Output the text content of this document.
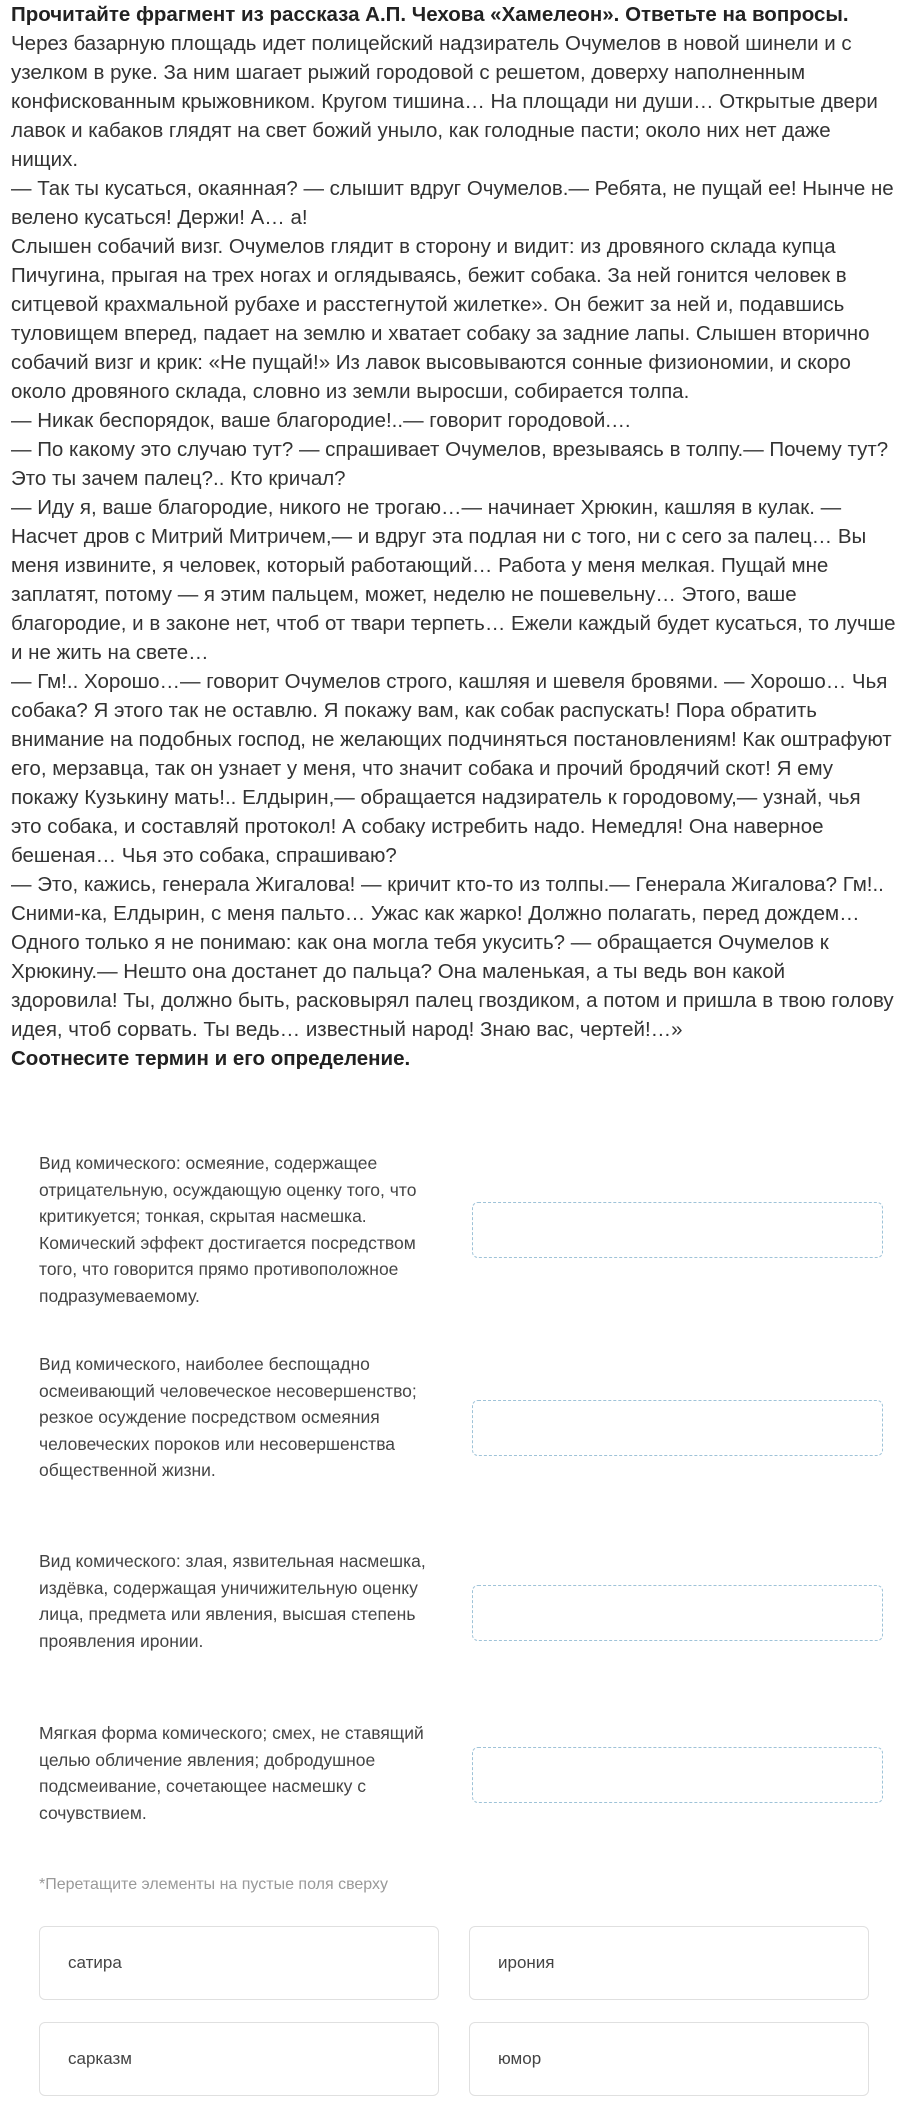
Прочитайте фрагмент из рассказа А.П. Чехова «Хамелеон». Ответьте на вопросы.

Через базарную площадь идет полицейский надзиратель Очумелов в новой шинели и с узелком в руке. За ним шагает рыжий городовой с решетом, доверху наполненным конфискованным крыжовником. Кругом тишина… На площади ни души… Открытые двери лавок и кабаков глядят на свет божий уныло, как голодные пасти; около них нет даже нищих.

— Так ты кусаться, окаянная? — слышит вдруг Очумелов.— Ребята, не пущай ее! Нынче не велено кусаться! Держи! А… а!

Слышен собачий визг. Очумелов глядит в сторону и видит: из дровяного склада купца Пичугина, прыгая на трех ногах и оглядываясь, бежит собака. За ней гонится человек в ситцевой крахмальной рубахе и расстегнутой жилетке». Он бежит за ней и, подавшись туловищем вперед, падает на землю и хватает собаку за задние лапы. Слышен вторично собачий визг и крик: «Не пущай!» Из лавок высовываются сонные физиономии, и скоро около дровяного склада, словно из земли выросши, собирается толпа.

— Никак беспорядок, ваше благородие!..— говорит городовой.…

— По какому это случаю тут? — спрашивает Очумелов, врезываясь в толпу.— Почему тут? Это ты зачем палец?.. Кто кричал?

— Иду я, ваше благородие, никого не трогаю…— начинает Хрюкин, кашляя в кулак. — Насчет дров с Митрий Митричем,— и вдруг эта подлая ни с того, ни с сего за палец… Вы меня извините, я человек, который работающий… Работа у меня мелкая. Пущай мне заплатят, потому — я этим пальцем, может, неделю не пошевельну… Этого, ваше благородие, и в законе нет, чтоб от твари терпеть… Ежели каждый будет кусаться, то лучше и не жить на свете…

— Гм!.. Хорошо…— говорит Очумелов строго, кашляя и шевеля бровями. — Хорошо… Чья собака? Я этого так не оставлю. Я покажу вам, как собак распускать! Пора обратить внимание на подобных господ, не желающих подчиняться постановлениям! Как оштрафуют его, мерзавца, так он узнает у меня, что значит собака и прочий бродячий скот! Я ему покажу Кузькину мать!.. Елдырин,— обращается надзиратель к городовому,— узнай, чья это собака, и составляй протокол! А собаку истребить надо. Немедля! Она наверное бешеная… Чья это собака, спрашиваю?

— Это, кажись, генерала Жигалова! — кричит кто-то из толпы.— Генерала Жигалова? Гм!.. Сними-ка, Елдырин, с меня пальто… Ужас как жарко! Должно полагать, перед дождем… Одного только я не понимаю: как она могла тебя укусить? — обращается Очумелов к Хрюкину.— Нешто она достанет до пальца? Она маленькая, а ты ведь вон какой здоровила! Ты, должно быть, расковырял палец гвоздиком, а потом и пришла в твою голову идея, чтоб сорвать. Ты ведь… известный народ! Знаю вас, чертей!…»

Соотнесите термин и его определение.

Вид комического: осмеяние, содержащее отрицательную, осуждающую оценку того, что критикуется; тонкая, скрытая насмешка. Комический эффект достигается посредством того, что говорится прямо противоположное подразумеваемому.
Вид комического, наиболее беспощадно осмеивающий человеческое несовершенство; резкое осуждение посредством осмеяния человеческих пороков или несовершенства общественной жизни.
Вид комического: злая, язвительная насмешка, издёвка, содержащая уничижительную оценку лица, предмета или явления, высшая степень проявления иронии.
Мягкая форма комического; смех, не ставящий целью обличение явления; добродушное подсмеивание, сочетающее насмешку с сочувствием.
*Перетащите элементы на пустые поля сверху
сатира	ирония
сарказм	юмор
